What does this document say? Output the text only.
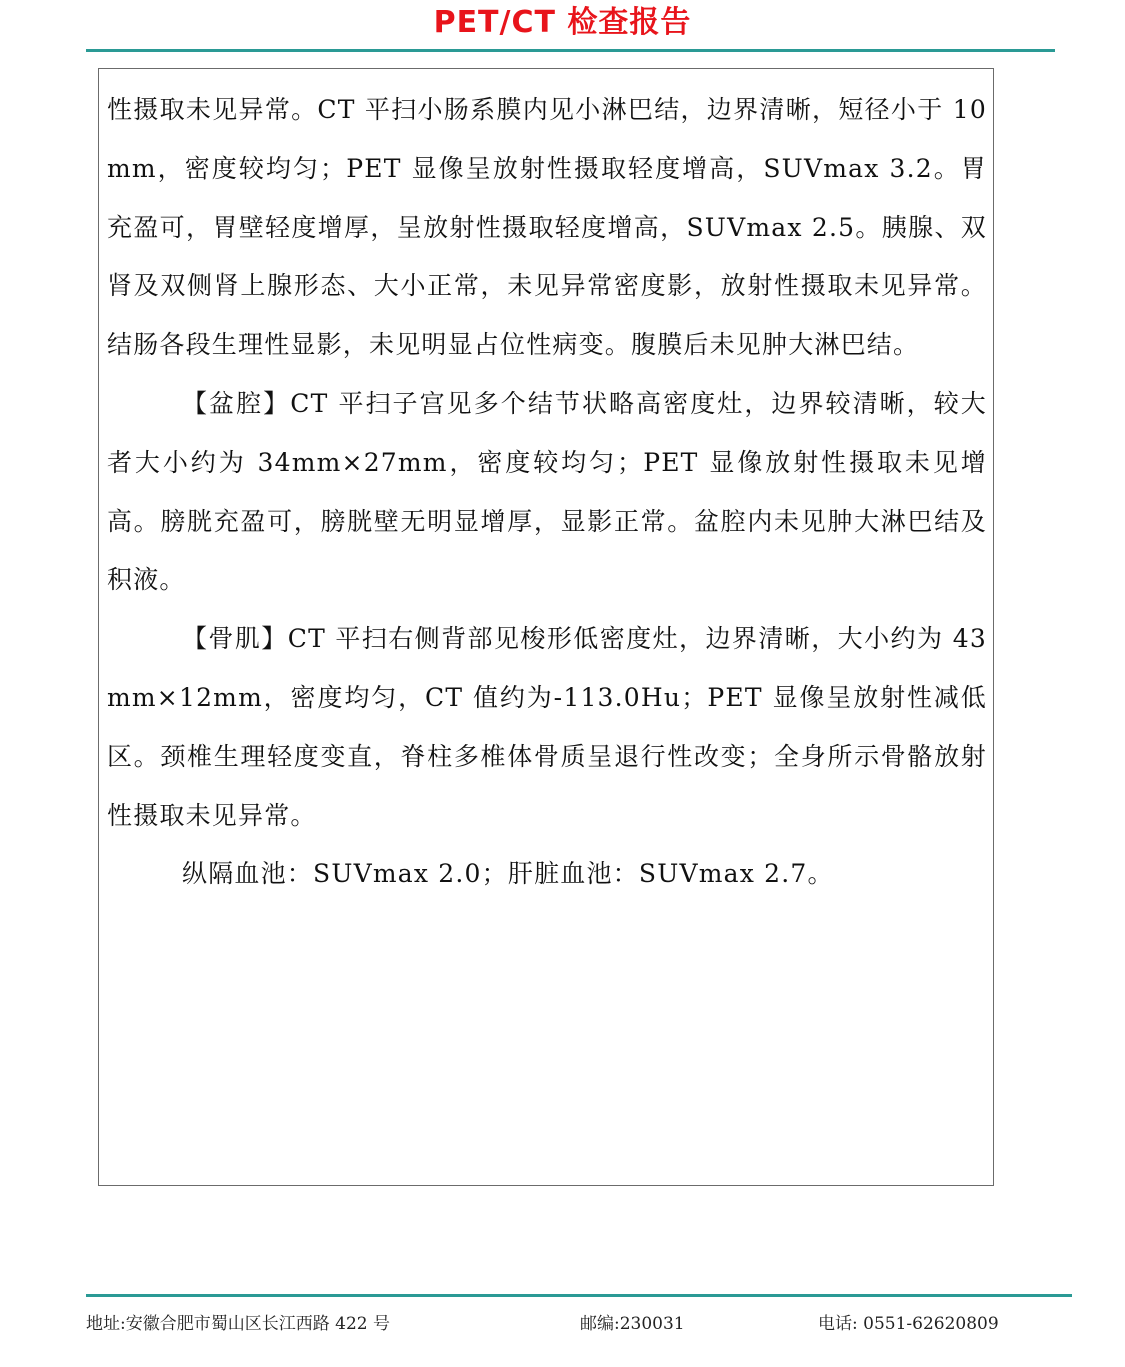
PET/CT 检查报告

性摄取未见异常。CT 平扫小肠系膜内见小淋巴结，边界清晰，短径小于 10mm，密度较均匀；PET 显像呈放射性摄取轻度增高，SUVmax 3.2。胃充盈可，胃壁轻度增厚，呈放射性摄取轻度增高，SUVmax 2.5。胰腺、双肾及双侧肾上腺形态、大小正常，未见异常密度影，放射性摄取未见异常。结肠各段生理性显影，未见明显占位性病变。腹膜后未见肿大淋巴结。

【盆腔】CT 平扫子宫见多个结节状略高密度灶，边界较清晰，较大者大小约为 34mm×27mm，密度较均匀；PET 显像放射性摄取未见增高。膀胱充盈可，膀胱壁无明显增厚，显影正常。盆腔内未见肿大淋巴结及积液。

【骨肌】CT 平扫右侧背部见梭形低密度灶，边界清晰，大小约为 43mm×12mm，密度均匀，CT 值约为-113.0Hu；PET 显像呈放射性减低区。颈椎生理轻度变直，脊柱多椎体骨质呈退行性改变；全身所示骨骼放射性摄取未见异常。

纵隔血池：SUVmax 2.0；肝脏血池：SUVmax 2.7。

地址:安徽合肥市蜀山区长江西路 422 号	邮编:230031	电话: 0551-62620809
